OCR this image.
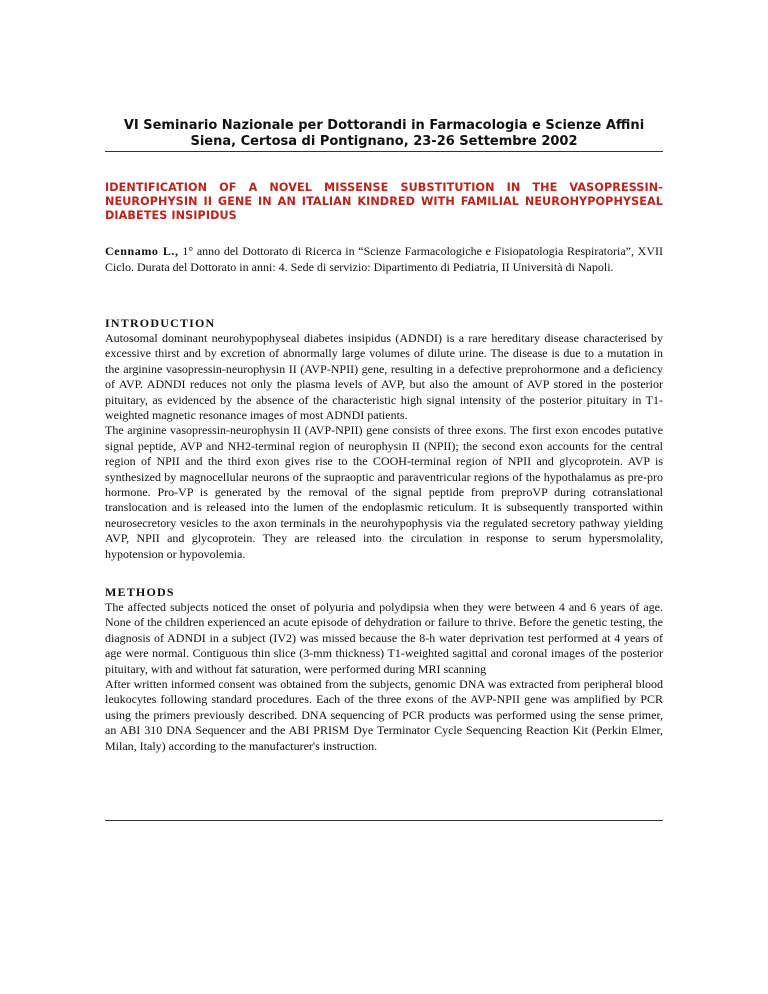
VI Seminario Nazionale per Dottorandi in Farmacologia e Scienze Affini
Siena, Certosa di Pontignano, 23-26 Settembre 2002
IDENTIFICATION OF A NOVEL MISSENSE SUBSTITUTION IN THE VASOPRESSIN-NEUROPHYSIN II GENE IN AN ITALIAN KINDRED WITH FAMILIAL NEUROHYPOPHYSEAL DIABETES INSIPIDUS
Cennamo L., 1° anno del Dottorato di Ricerca in “Scienze Farmacologiche e Fisiopatologia Respiratoria”, XVII Ciclo. Durata del Dottorato in anni: 4. Sede di servizio: Dipartimento di Pediatria, II Università di Napoli.
INTRODUCTION

Autosomal dominant neurohypophyseal diabetes insipidus (ADNDI) is a rare hereditary disease characterised by excessive thirst and by excretion of abnormally large volumes of dilute urine. The disease is due to a mutation in the arginine vasopressin-neurophysin II (AVP-NPII) gene, resulting in a defective preprohormone and a deficiency of AVP. ADNDI reduces not only the plasma levels of AVP, but also the amount of AVP stored in the posterior pituitary, as evidenced by the absence of the characteristic high signal intensity of the posterior pituitary in T1-weighted magnetic resonance images of most ADNDI patients.

The arginine vasopressin-neurophysin II (AVP-NPII) gene consists of three exons. The first exon encodes putative signal peptide, AVP and NH2-terminal region of neurophysin II (NPII); the second exon accounts for the central region of NPII and the third exon gives rise to the COOH-terminal region of NPII and glycoprotein. AVP is synthesized by magnocellular neurons of the supraoptic and paraventricular regions of the hypothalamus as pre-pro hormone. Pro-VP is generated by the removal of the signal peptide from preproVP during cotranslational translocation and is released into the lumen of the endoplasmic reticulum. It is subsequently transported within neurosecretory vesicles to the axon terminals in the neurohypophysis via the regulated secretory pathway yielding AVP, NPII and glycoprotein. They are released into the circulation in response to serum hypersmolality, hypotension or hypovolemia.

METHODS

The affected subjects noticed the onset of polyuria and polydipsia when they were between 4 and 6 years of age. None of the children experienced an acute episode of dehydration or failure to thrive. Before the genetic testing, the diagnosis of ADNDI in a subject (IV2) was missed because the 8-h water deprivation test performed at 4 years of age were normal. Contiguous thin slice (3-mm thickness) T1-weighted sagittal and coronal images of the posterior pituitary, with and without fat saturation, were performed during MRI scanning

After written informed consent was obtained from the subjects, genomic DNA was extracted from peripheral blood leukocytes following standard procedures. Each of the three exons of the AVP-NPII gene was amplified by PCR using the primers previously described. DNA sequencing of PCR products was performed using the sense primer, an ABI 310 DNA Sequencer and the ABI PRISM Dye Terminator Cycle Sequencing Reaction Kit (Perkin Elmer, Milan, Italy) according to the manufacturer's instruction.
